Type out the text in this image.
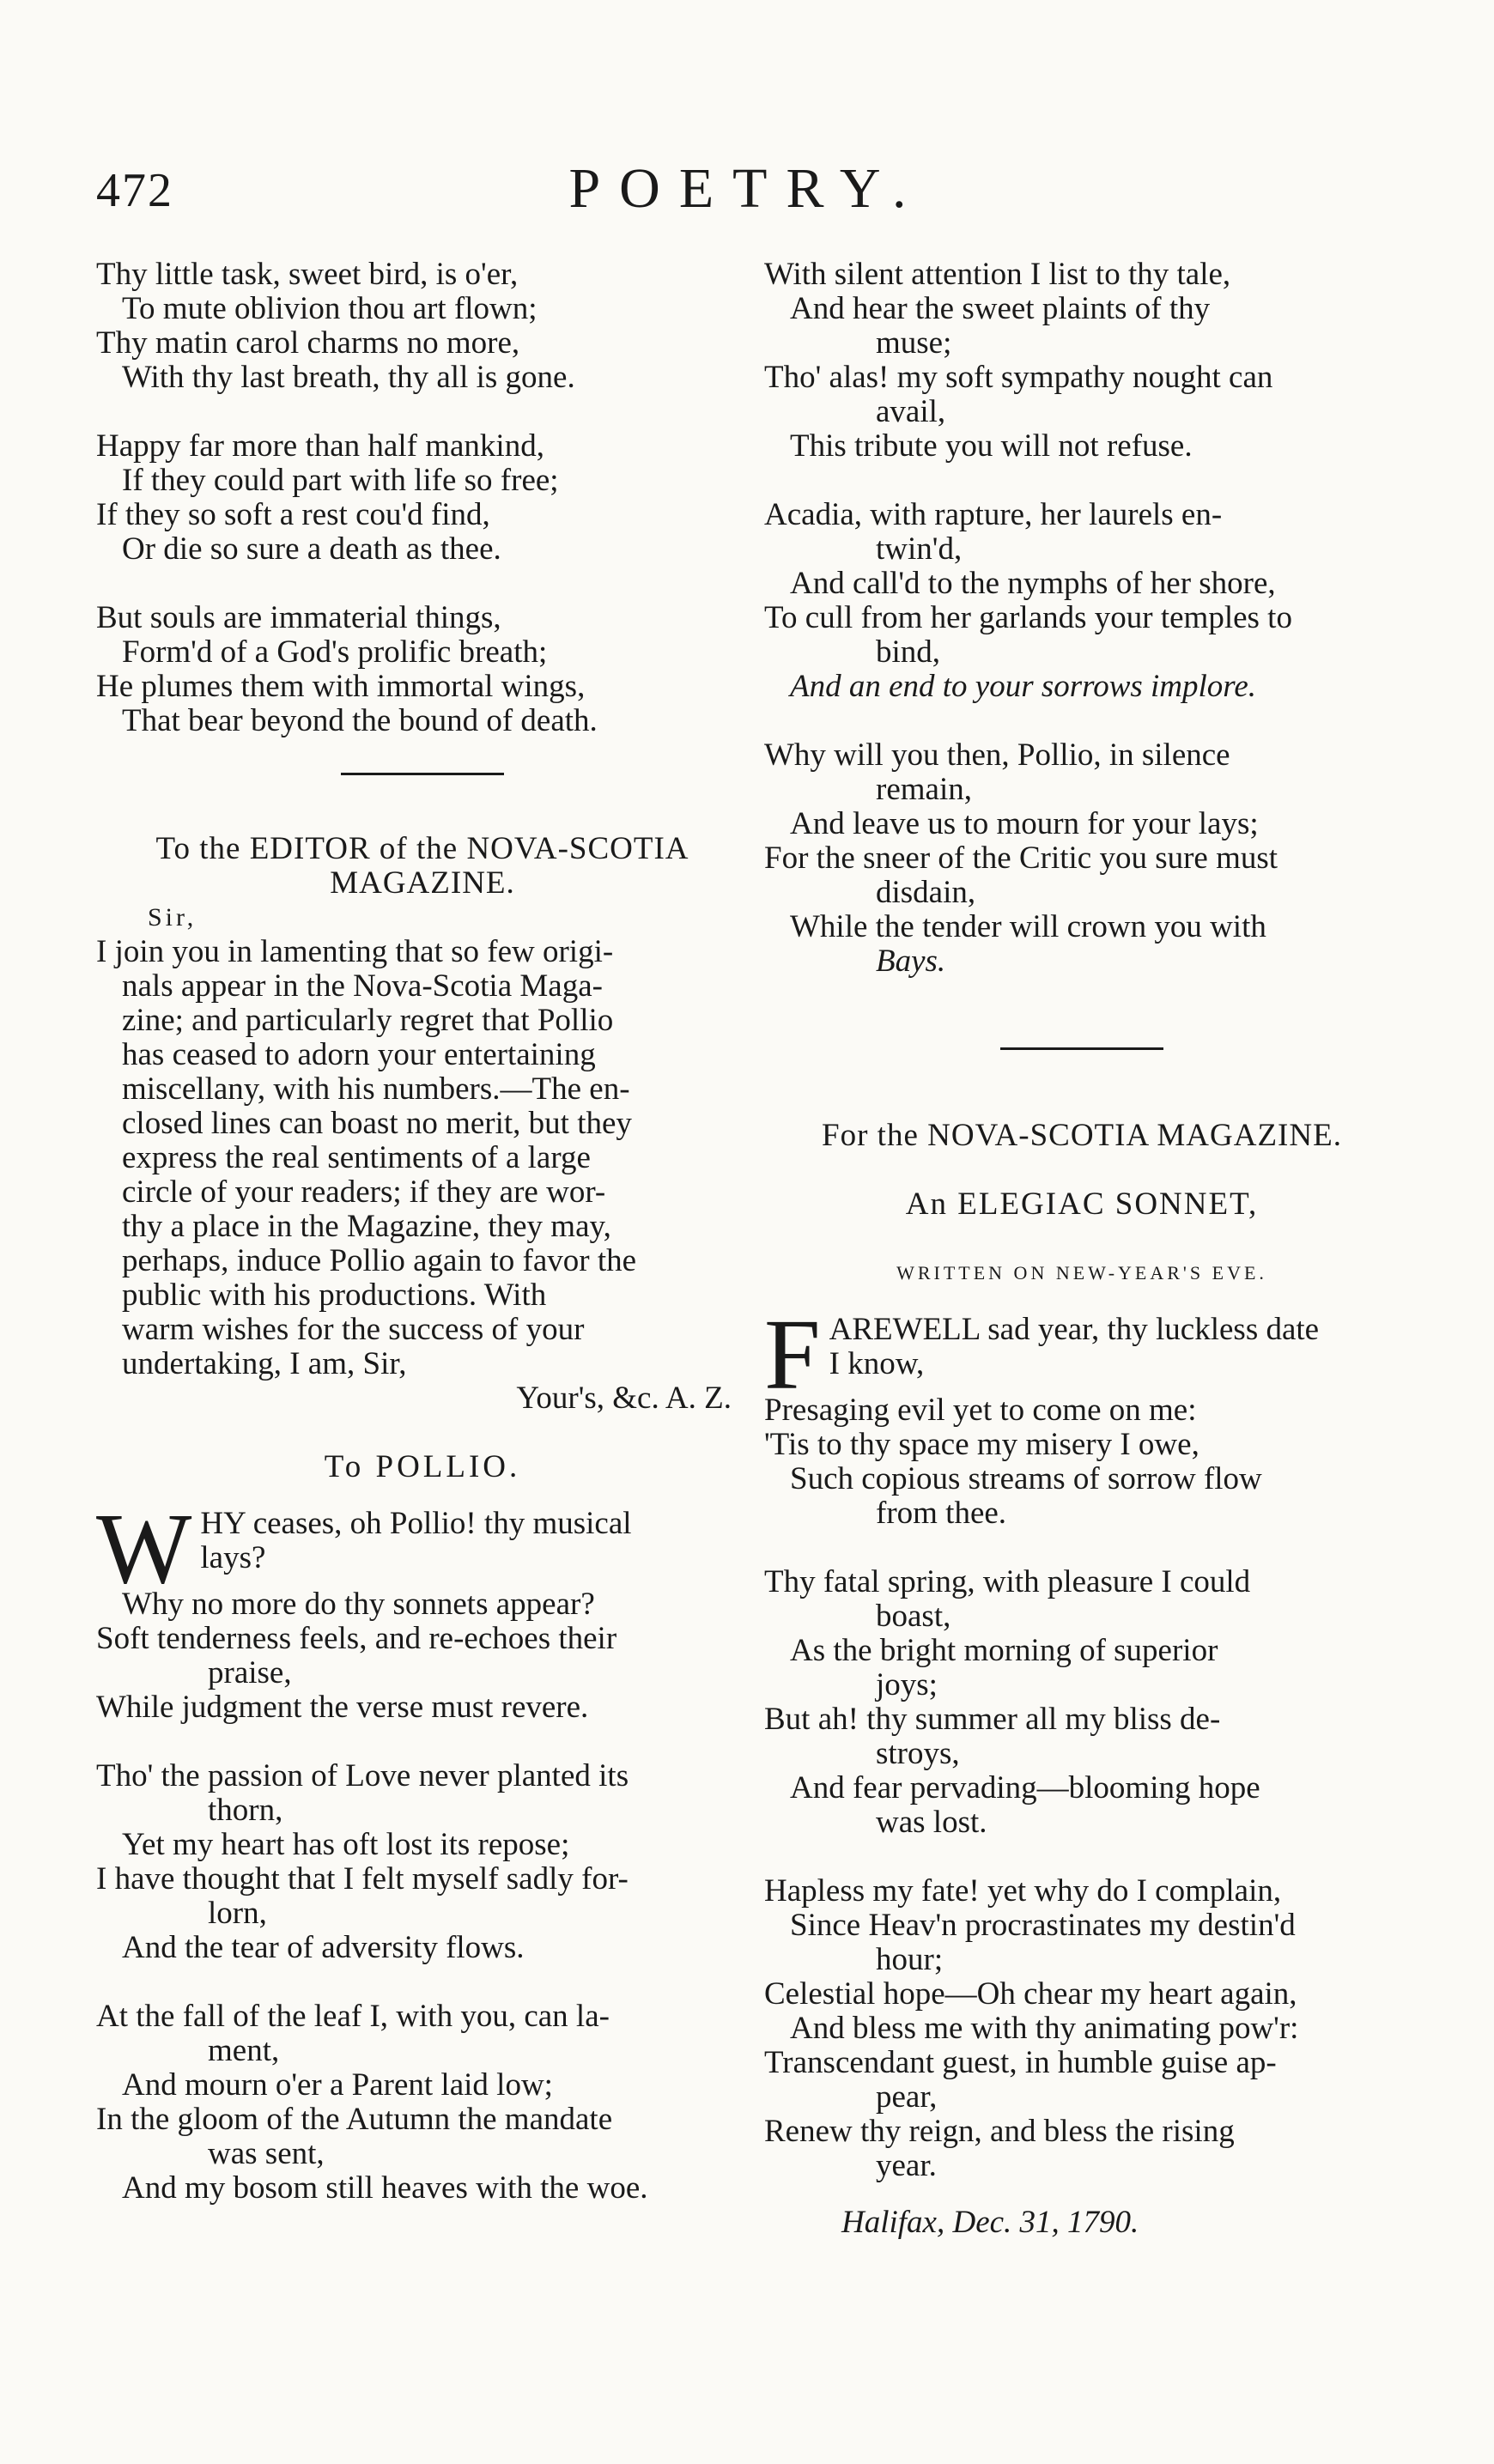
472	POETRY.
Thy little task, sweet bird, is o'er,
To mute oblivion thou art flown;
Thy matin carol charms no more,
With thy last breath, thy all is gone.
Happy far more than half mankind,
If they could part with life so free;
If they so soft a rest cou'd find,
Or die so sure a death as thee.
But souls are immaterial things,
Form'd of a God's prolific breath;
He plumes them with immortal wings,
That bear beyond the bound of death.
To the EDITOR of the NOVA-SCOTIA
MAGAZINE.
Sir,
I join you in lamenting that so few origi-
nals appear in the Nova-Scotia Maga-
zine; and particularly regret that Pollio
has ceased to adorn your entertaining
miscellany, with his numbers.—The en-
closed lines can boast no merit, but they
express the real sentiments of a large
circle of your readers; if they are wor-
thy a place in the Magazine, they may,
perhaps, induce Pollio again to favor the
public with his productions. With
warm wishes for the success of your
undertaking, I am, Sir,
Your's, &c. A. Z.
To POLLIO.
W HY ceases, oh Pollio! thy musical
lays?
Why no more do thy sonnets appear?
Soft tenderness feels, and re-echoes their
praise,
While judgment the verse must revere.
Tho' the passion of Love never planted its
thorn,
Yet my heart has oft lost its repose;
I have thought that I felt myself sadly for-
lorn,
And the tear of adversity flows.
At the fall of the leaf I, with you, can la-
ment,
And mourn o'er a Parent laid low;
In the gloom of the Autumn the mandate
was sent,
And my bosom still heaves with the woe.
With silent attention I list to thy tale,
And hear the sweet plaints of thy
muse;
Tho' alas! my soft sympathy nought can
avail,
This tribute you will not refuse.
Acadia, with rapture, her laurels en-
twin'd,
And call'd to the nymphs of her shore,
To cull from her garlands your temples to
bind,
And an end to your sorrows implore.
Why will you then, Pollio, in silence
remain,
And leave us to mourn for your lays;
For the sneer of the Critic you sure must
disdain,
While the tender will crown you with
Bays.
For the NOVA-SCOTIA MAGAZINE.
An ELEGIAC SONNET,
WRITTEN ON NEW-YEAR'S EVE.
F AREWELL sad year, thy luckless date
I know,
Presaging evil yet to come on me:
'Tis to thy space my misery I owe,
Such copious streams of sorrow flow
from thee.
Thy fatal spring, with pleasure I could
boast,
As the bright morning of superior
joys;
But ah! thy summer all my bliss de-
stroys,
And fear pervading—blooming hope
was lost.
Hapless my fate! yet why do I complain,
Since Heav'n procrastinates my destin'd
hour;
Celestial hope—Oh chear my heart again,
And bless me with thy animating pow'r:
Transcendant guest, in humble guise ap-
pear,
Renew thy reign, and bless the rising
year.
Halifax, Dec. 31, 1790.
